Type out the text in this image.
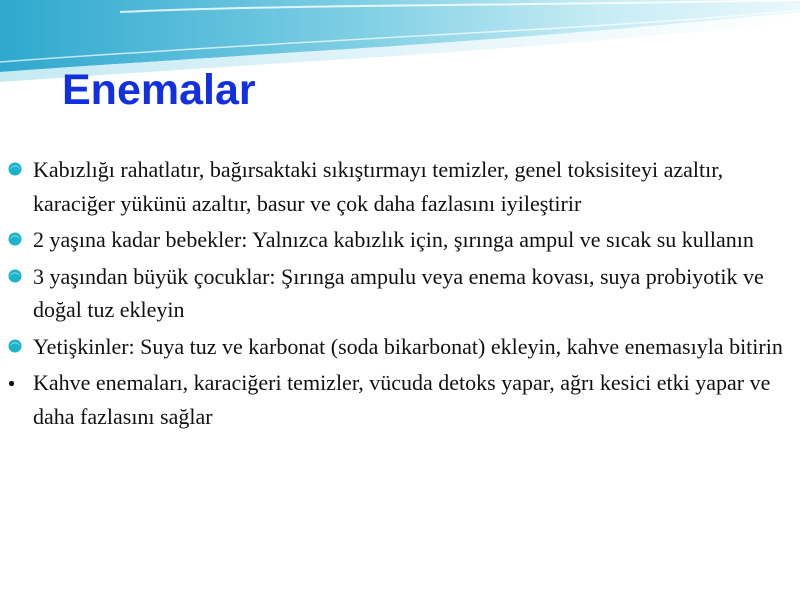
Enemalar
Kabızlığı rahatlatır, bağırsaktaki sıkıştırmayı temizler, genel toksisiteyi azaltır, karaciğer yükünü azaltır, basur ve çok daha fazlasını iyileştirir
2 yaşına kadar bebekler: Yalnızca kabızlık için, şırınga ampul ve sıcak su kullanın
3 yaşından büyük çocuklar: Şırınga ampulu veya enema kovası, suya probiyotik ve doğal tuz ekleyin
Yetişkinler: Suya tuz ve karbonat (soda bikarbonat) ekleyin, kahve enemasıyla bitirin
Kahve enemaları, karaciğeri temizler, vücuda detoks yapar, ağrı kesici etki yapar ve daha fazlasını sağlar
